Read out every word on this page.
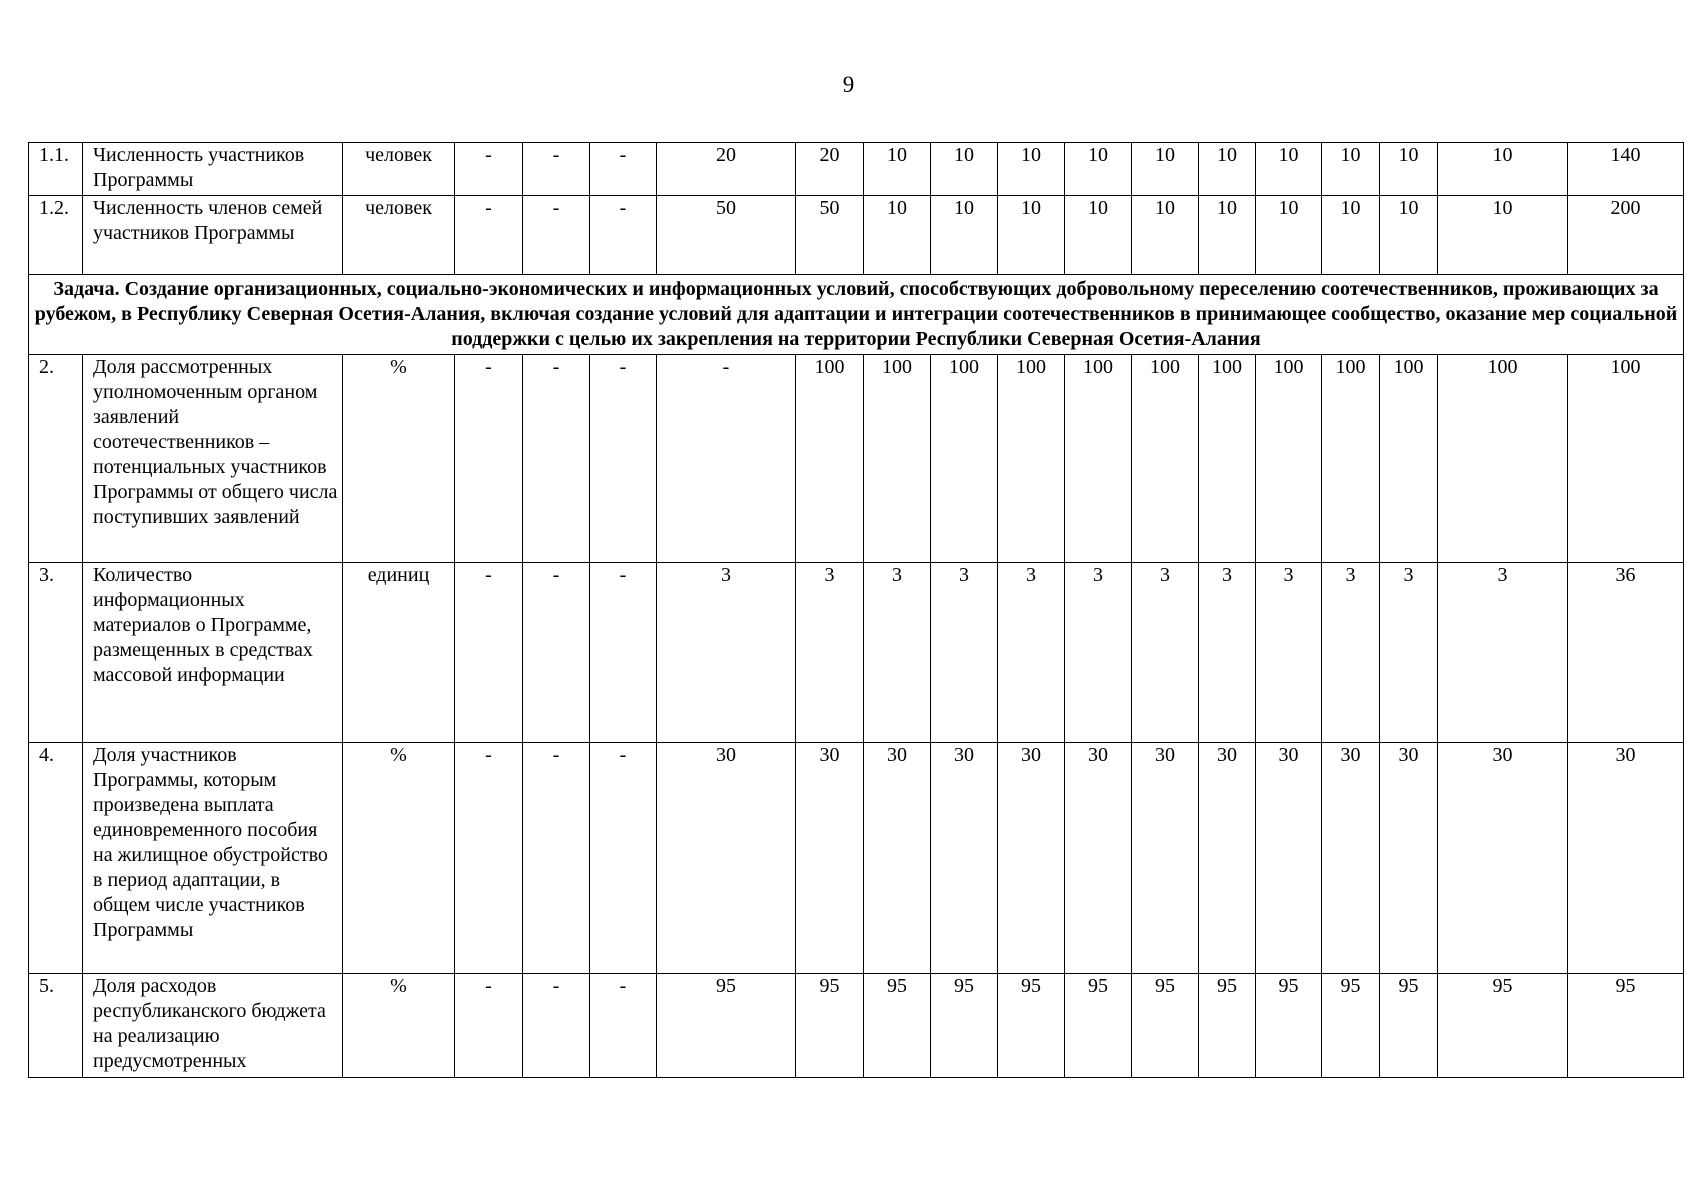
9
1.1.	Численность участников Программы	человек	-	-	-	20	20	10	10	10	10	10	10	10	10	10	10	140
1.2.	Численность членов семей участников Программы	человек	-	-	-	50	50	10	10	10	10	10	10	10	10	10	10	200
Задача. Создание организационных, социально-экономических и информационных условий, способствующих добровольному переселению соотечественников, проживающих за рубежом, в Республику Северная Осетия-Алания, включая создание условий для адаптации и интеграции соотечественников в принимающее сообщество, оказание мер социальной поддержки с целью их закрепления на территории Республики Северная Осетия-Алания																		
2.	Доля рассмотренных уполномоченным органом заявлений соотечественников – потенциальных участников Программы от общего числа поступивших заявлений	%	-	-	-	-	100	100	100	100	100	100	100	100	100	100	100	100
3.	Количество информационных материалов о Программе, размещенных в средствах массовой информации	единиц	-	-	-	3	3	3	3	3	3	3	3	3	3	3	3	36
4.	Доля участников Программы, которым произведена выплата единовременного пособия на жилищное обустройство в период адаптации, в общем числе участников Программы	%	-	-	-	30	30	30	30	30	30	30	30	30	30	30	30	30
5.	Доля расходов республиканского бюджета на реализацию предусмотренных	%	-	-	-	95	95	95	95	95	95	95	95	95	95	95	95	95
